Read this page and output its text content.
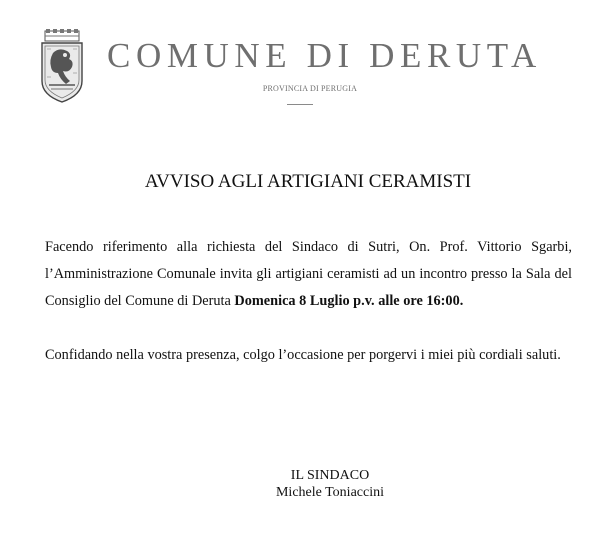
COMUNE DI DERUTA
PROVINCIA DI PERUGIA
AVVISO AGLI ARTIGIANI CERAMISTI

Facendo riferimento alla richiesta del Sindaco di Sutri, On. Prof. Vittorio Sgarbi, l’Amministrazione Comunale invita gli artigiani ceramisti ad un incontro presso la Sala del Consiglio del Comune di Deruta Domenica 8 Luglio p.v. alle ore 16:00.

Confidando nella vostra presenza, colgo l’occasione per porgervi i miei più cordiali saluti.

IL SINDACO
Michele Toniaccini
